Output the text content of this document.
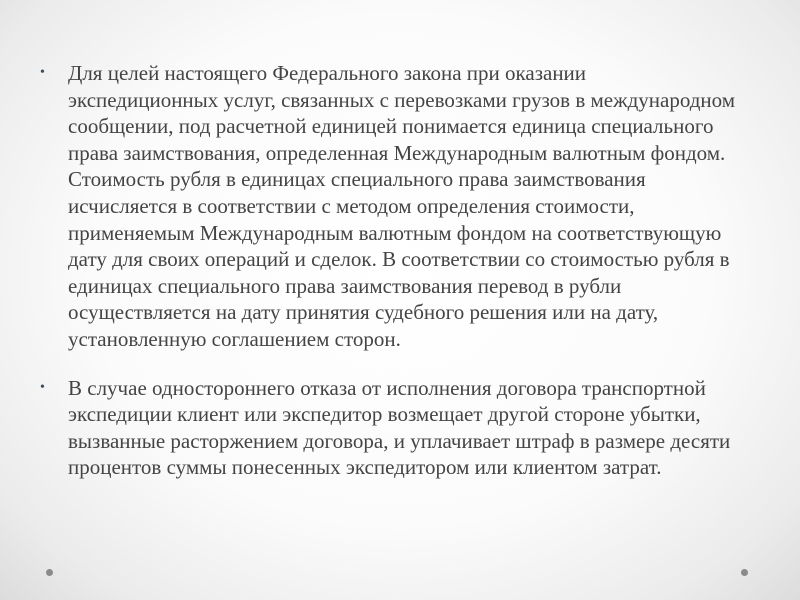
• Для целей настоящего Федерального закона при оказании экспедиционных услуг, связанных с перевозками грузов в международном сообщении, под расчетной единицей понимается единица специального права заимствования, определенная Международным валютным фондом. Стоимость рубля в единицах специального права заимствования исчисляется в соответствии с методом определения стоимости, применяемым Международным валютным фондом на соответствующую дату для своих операций и сделок. В соответствии со стоимостью рубля в единицах специального права заимствования перевод в рубли осуществляется на дату принятия судебного решения или на дату, установленную соглашением сторон.
• В случае одностороннего отказа от исполнения договора транспортной экспедиции клиент или экспедитор возмещает другой стороне убытки, вызванные расторжением договора, и уплачивает штраф в размере десяти процентов суммы понесенных экспедитором или клиентом затрат.
